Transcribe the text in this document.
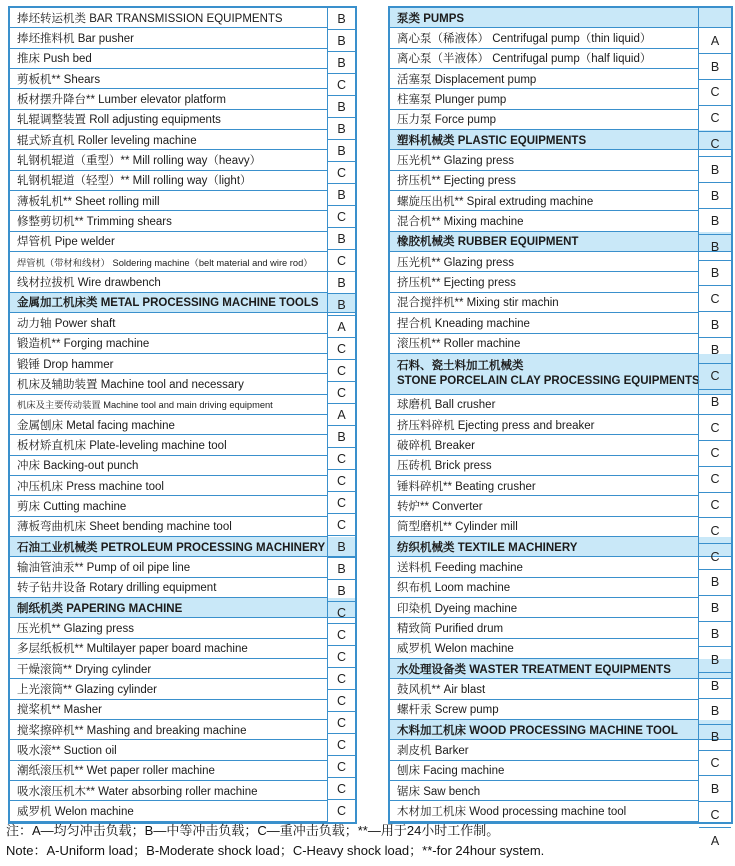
捧坯转运机类 BAR TRANSMISSION EQUIPMENTS
捧坯推料机 Bar pusher
推床 Push bed
剪板机** Shears
板材摆升降台** Lumber elevator platform
轧辊调整装置 Roll adjusting equipments
辊式矫直机 Roller leveling machine
轧钢机辊道（重型）** Mill rolling way（heavy）
轧钢机辊道（轻型）** Mill rolling way（light）
薄板轧机** Sheet rolling mill
修整剪切机** Trimming shears
焊管机 Pipe welder
焊管机（带材和线材） Soldering machine（belt material and wire rod）
线材拉拔机 Wire drawbench
金属加工机床类 METAL PROCESSING MACHINE TOOLS
动力轴 Power shaft
锻造机** Forging machine
锻锤 Drop hammer
机床及辅助装置 Machine tool and necessary
机床及主要传动装置 Machine tool and main driving equipment
金属刨床 Metal facing machine
板材矫直机床 Plate-leveling machine tool
冲床 Backing-out punch
冲压机床 Press machine tool
剪床 Cutting machine
薄板弯曲机床 Sheet bending machine tool
石油工业机械类 PETROLEUM PROCESSING MACHINERY
输油管油汞** Pump of oil pipe line
转子钻井设备 Rotary drilling equipment
制纸机类 PAPERING MACHINE
压光机** Glazing press
多层纸板机** Multilayer paper board machine
干燥滚筒** Drying cylinder
上光滚筒** Glazing cylinder
搅桨机** Masher
搅桨擦碎机** Mashing and breaking machine
吸水滚** Suction oil
潮纸滚压机** Wet paper roller machine
吸水滚压机木** Water absorbing roller machine
威罗机 Welon machine
B
B
B
C
B
B
B
C
B
C
B
C
B
B
A
C
C
C
A
B
C
C
C
C
B
B
B
C
C
C
C
C
C
C
C
C
C
泵类 PUMPS
离心泵（稀液体） Centrifugal pump（thin liquid）
离心泵（半液体） Centrifugal pump（half liquid）
活塞泵 Displacement pump
柱塞泵 Plunger pump
压力泵 Force pump
塑料机械类 PLASTIC EQUIPMENTS
压光机** Glazing press
挤压机** Ejecting press
螺旋压出机** Spiral extruding machine
混合机** Mixing machine
橡胶机械类 RUBBER EQUIPMENT
压光机** Glazing press
挤压机** Ejecting press
混合搅拌机** Mixing stir machin
捏合机 Kneading machine
滚压机** Roller machine
石料、瓷土料加工机械类
STONE PORCELAIN CLAY PROCESSING EQUIPMENTS
球磨机 Ball crusher
挤压料碎机 Ejecting press and breaker
破碎机 Breaker
压砖机 Brick press
锤料碎机** Beating crusher
转炉** Converter
筒型磨机** Cylinder mill
纺织机械类 TEXTILE MACHINERY
送料机 Feeding machine
织布机 Loom machine
印染机 Dyeing machine
精致筒 Purified drum
威罗机 Welon machine
水处理设备类 WASTER TREATMENT EQUIPMENTS
鼓风机** Air blast
螺杆汞 Screw pump
木料加工机床 WOOD PROCESSING MACHINE TOOL
剥皮机 Barker
刨床 Facing machine
锯床 Saw bench
木材加工机床 Wood processing machine tool
A
B
C
C
C
B
B
B
B
B
C
B
B
C
B
C
C
C
C
C
C
B
B
B
B
B
B
B
C
B
C
A
注：A—均匀冲击负载；B—中等冲击负载；C—重冲击负载；**—用于24小时工作制。
Note：A-Uniform load；B-Moderate shock load；C-Heavy shock load；**-for 24hour system.
